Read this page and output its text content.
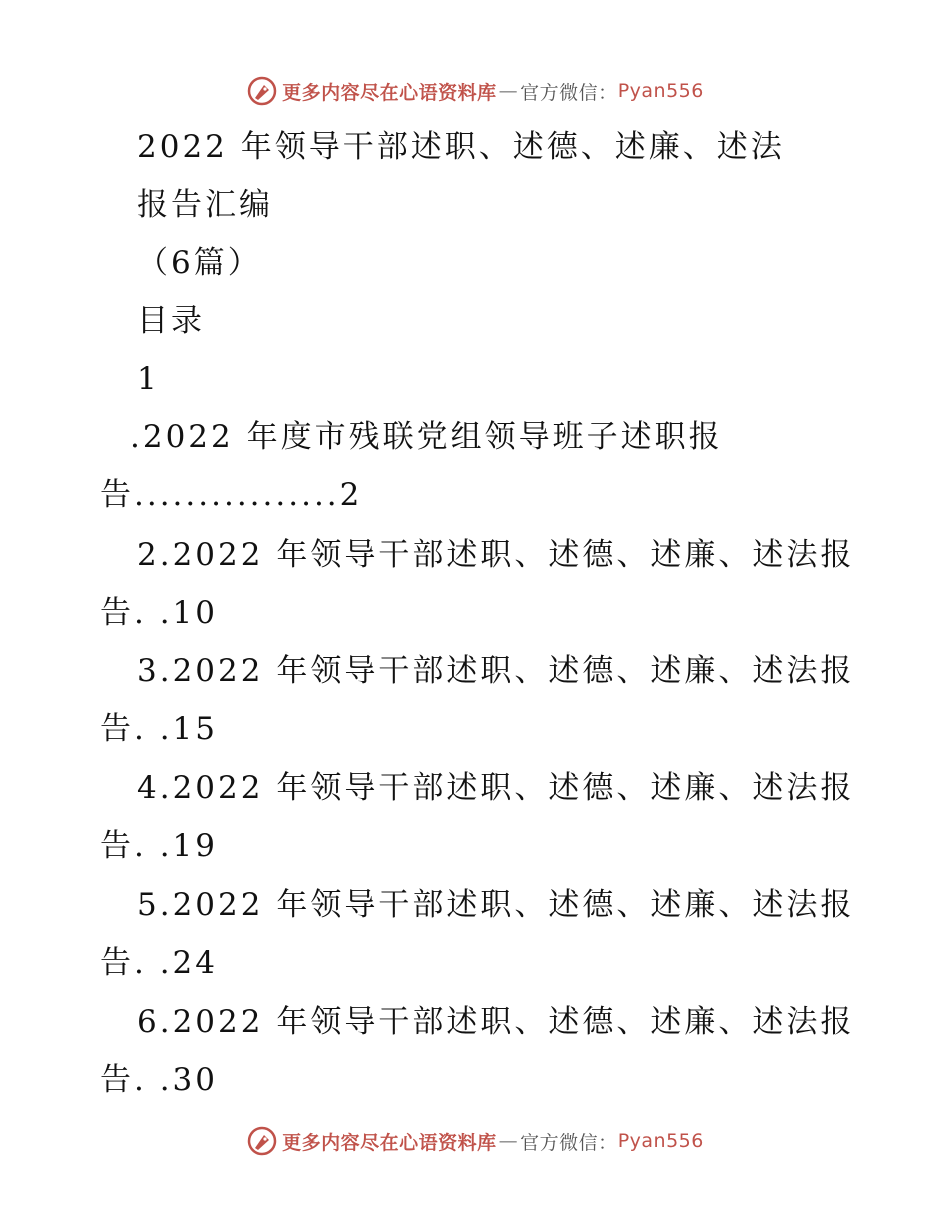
更多内容尽在心语资料库 — 官方微信： Pyan556
2022 年领导干部述职、述德、述廉、述法
报告汇编
（6篇）
目录
1
.2022 年度市残联党组领导班子述职报
告................2
2.2022 年领导干部述职、述德、述廉、述法报
告. .10
3.2022 年领导干部述职、述德、述廉、述法报
告. .15
4.2022 年领导干部述职、述德、述廉、述法报
告. .19
5.2022 年领导干部述职、述德、述廉、述法报
告. .24
6.2022 年领导干部述职、述德、述廉、述法报
告. .30
更多内容尽在心语资料库 — 官方微信： Pyan556
